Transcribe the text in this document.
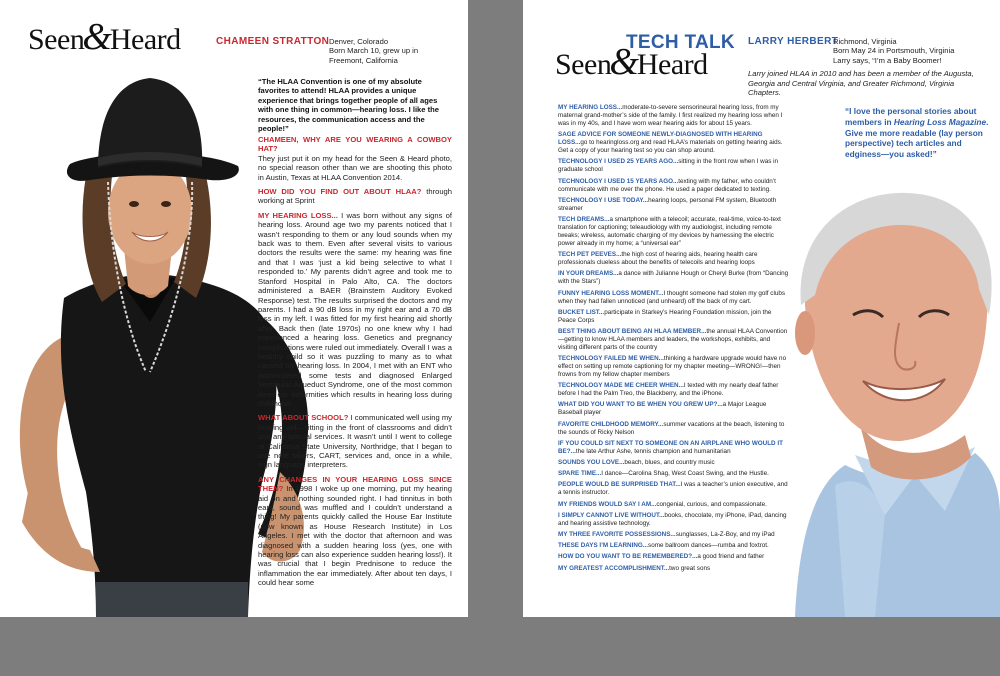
Seen&Heard	CHAMEEN STRATTON Denver, Colorado
Born March 10, grew up in
Freemont, California
“The HLAA Convention is one of my absolute favorites to attend! HLAA provides a unique experience that brings together people of all ages with one thing in common—hearing loss. I like the resources, the communication access and the people!”

CHAMEEN, WHY ARE YOU WEARING A COWBOY HAT?
They just put it on my head for the Seen & Heard photo, no special reason other than we are shooting this photo in Austin, Texas at HLAA Convention 2014.

HOW DID YOU FIND OUT ABOUT HLAA? through working at Sprint

MY HEARING LOSS... I was born without any signs of hearing loss. Around age two my parents noticed that I wasn’t responding to them or any loud sounds when my back was to them. Even after several visits to various doctors the results were the same: my hearing was fine and that I was ‘just a kid being selective to what I responded to.’ My parents didn’t agree and took me to Stanford Hospital in Palo Alto, CA. The doctors administered a BAER (Brainstem Auditory Evoked Response) test. The results surprised the doctors and my parents. I had a 90 dB loss in my right ear and a 70 dB loss in my left. I was fitted for my first hearing aid shortly after. Back then (late 1970s) no one knew why I had experienced a hearing loss. Genetics and pregnancy complications were ruled out immediately. Overall I was a healthy child so it was puzzling to many as to what caused my hearing loss. In 2004, I met with an ENT who administered some tests and diagnosed Enlarged Vestibular Aqueduct Syndrome, one of the most common inner ear deformities which results in hearing loss during childhood.

WHAT ABOUT SCHOOL? I communicated well using my hearing aid—sitting in the front of classrooms and didn’t use any special services. It wasn’t until I went to college at California State University, Northridge, that I began to use note takers, CART, services and, once in a while, sign language interpreters.

ANY CHANGES IN YOUR HEARING LOSS SINCE THEN? In 1998 I woke up one morning, put my hearing aid on and nothing sounded right. I had tinnitus in both ears, sound was muffled and I couldn’t understand a thing! My parents quickly called the House Ear Institute (now known as House Research Institute) in Los Angeles. I met with the doctor that afternoon and was diagnosed with a sudden hearing loss (yes, one with hearing loss can also experience sudden hearing loss!). It was crucial that I begin Prednisone to reduce the inflammation the ear immediately. After about ten days, I could hear some

TECH TALK
Seen&Heard
LARRY HERBERT
Richmond, Virginia
Born May 24 in Portsmouth, Virginia
Larry says, “I’m a Baby Boomer!
Larry joined HLAA in 2010 and has been a member of the Augusta, Georgia and Central Virginia, and Greater Richmond, Virginia Chapters.
“I love the personal stories about members in Hearing Loss Magazine. Give me more readable (lay person perspective) tech articles and edginess—you asked!”
MY HEARING LOSS...moderate-to-severe sensorineural hearing loss, from my maternal grand-mother’s side of the family. I first realized my hearing loss when I was in my 40s, and I have worn wear hearing aids for about 15 years.
SAGE ADVICE FOR SOMEONE NEWLY-DIAGNOSED WITH HEARING LOSS...go to hearingloss.org and read HLAA’s materials on getting hearing aids. Get a copy of your hearing test so you can shop around.
TECHNOLOGY I USED 25 YEARS AGO...sitting in the front row when I was in graduate school
TECHNOLOGY I USED 15 YEARS AGO...texting with my father, who couldn’t communicate with me over the phone. He used a pager dedicated to texting.
TECHNOLOGY I USE TODAY...hearing loops, personal FM system, Bluetooth streamer
TECH DREAMS...a smartphone with a telecoil; accurate, real-time, voice-to-text translation for captioning; teleaudiology with my audiologist, including remote tweaks; wireless, automatic charging of my devices by harnessing the electric power already in my home; a “universal ear”
TECH PET PEEVES...the high cost of hearing aids, hearing health care professionals clueless about the benefits of telecoils and hearing loops
IN YOUR DREAMS...a dance with Julianne Hough or Cheryl Burke (from “Dancing with the Stars”)
FUNNY HEARING LOSS MOMENT...I thought someone had stolen my golf clubs when they had fallen unnoticed (and unheard) off the back of my cart.
BUCKET LIST...participate in Starkey’s Hearing Foundation mission, join the Peace Corps
BEST THING ABOUT BEING AN HLAA MEMBER...the annual HLAA Convention—getting to know HLAA members and leaders, the workshops, exhibits, and visiting different parts of the country
TECHNOLOGY FAILED ME WHEN...thinking a hardware upgrade would have no effect on setting up remote captioning for my chapter meeting—WRONG!—then frowns from my fellow chapter members
TECHNOLOGY MADE ME CHEER WHEN...I texted with my nearly deaf father before I had the Palm Treo, the Blackberry, and the iPhone.
WHAT DID YOU WANT TO BE WHEN YOU GREW UP?...a Major League Baseball player
FAVORITE CHILDHOOD MEMORY...summer vacations at the beach, listening to the sounds of Ricky Nelson
IF YOU COULD SIT NEXT TO SOMEONE ON AN AIRPLANE WHO WOULD IT BE?...the late Arthur Ashe, tennis champion and humanitarian
SOUNDS YOU LOVE...beach, blues, and country music
SPARE TIME...I dance—Carolina Shag, West Coast Swing, and the Hustle.
PEOPLE WOULD BE SURPRISED THAT...I was a teacher’s union executive, and a tennis instructor.
MY FRIENDS WOULD SAY I AM...congenial, curious, and compassionate.
I SIMPLY CANNOT LIVE WITHOUT...books, chocolate, my iPhone, iPad, dancing and hearing assistive technology.
MY THREE FAVORITE POSSESSIONS...sunglasses, La-Z-Boy, and my iPad
THESE DAYS I’M LEARNING...some ballroom dances—rumba and foxtrot.
HOW DO YOU WANT TO BE REMEMBERED?...a good friend and father
MY GREATEST ACCOMPLISHMENT...two great sons
